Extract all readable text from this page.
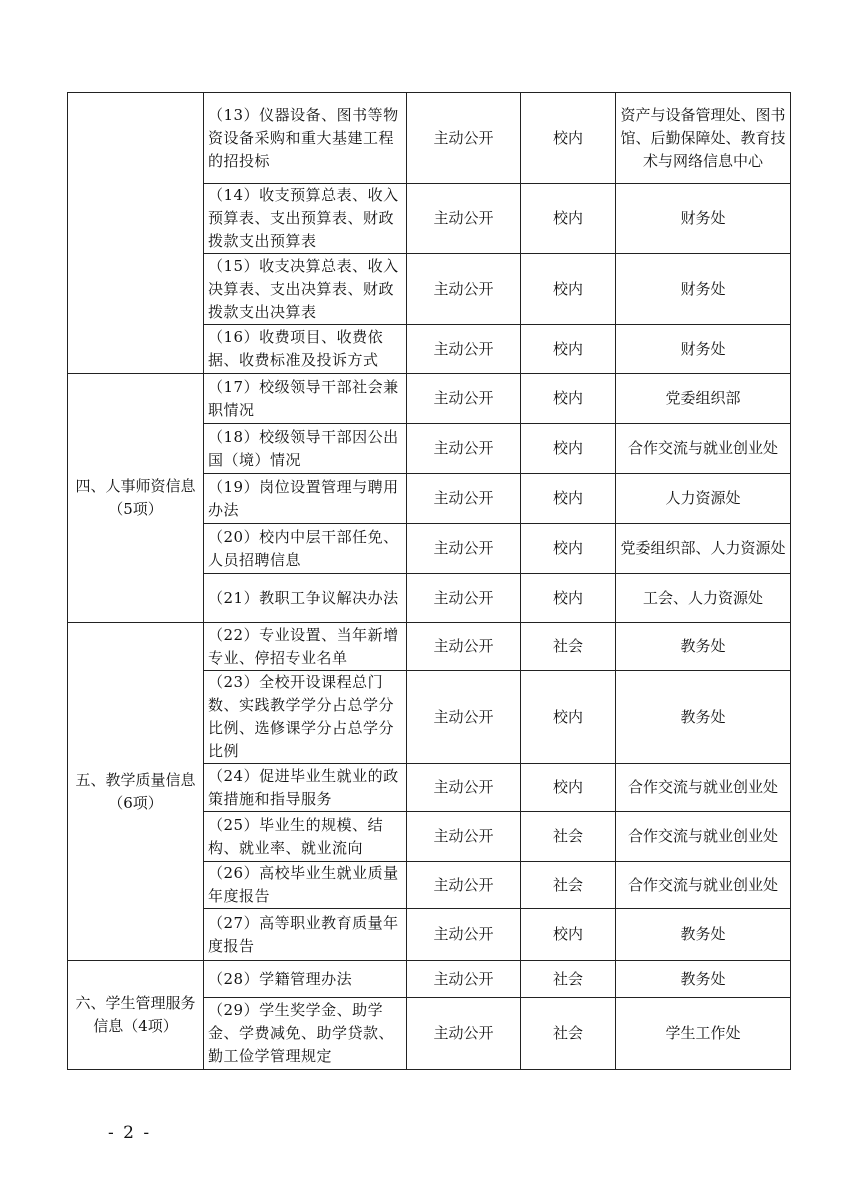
	（13）仪器设备、图书等物资设备采购和重大基建工程的招投标	主动公开	校内	资产与设备管理处、图书馆、后勤保障处、教育技术与网络信息中心
	（14）收支预算总表、收入预算表、支出预算表、财政拨款支出预算表	主动公开	校内	财务处
	（15）收支决算总表、收入决算表、支出决算表、财政拨款支出决算表	主动公开	校内	财务处
	（16）收费项目、收费依据、收费标准及投诉方式	主动公开	校内	财务处
四、人事师资信息（5项）	（17）校级领导干部社会兼职情况	主动公开	校内	党委组织部
	（18）校级领导干部因公出国（境）情况	主动公开	校内	合作交流与就业创业处
	（19）岗位设置管理与聘用办法	主动公开	校内	人力资源处
	（20）校内中层干部任免、人员招聘信息	主动公开	校内	党委组织部、人力资源处
	（21）教职工争议解决办法	主动公开	校内	工会、人力资源处
五、教学质量信息（6项）	（22）专业设置、当年新增专业、停招专业名单	主动公开	社会	教务处
	（23）全校开设课程总门数、实践教学学分占总学分比例、选修课学分占总学分比例	主动公开	校内	教务处
	（24）促进毕业生就业的政策措施和指导服务	主动公开	校内	合作交流与就业创业处
	（25）毕业生的规模、结构、就业率、就业流向	主动公开	社会	合作交流与就业创业处
	（26）高校毕业生就业质量年度报告	主动公开	社会	合作交流与就业创业处
	（27）高等职业教育质量年度报告	主动公开	校内	教务处
六、学生管理服务信息（4项）	（28）学籍管理办法	主动公开	社会	教务处
	（29）学生奖学金、助学金、学费减免、助学贷款、勤工俭学管理规定	主动公开	社会	学生工作处
- 2 -
